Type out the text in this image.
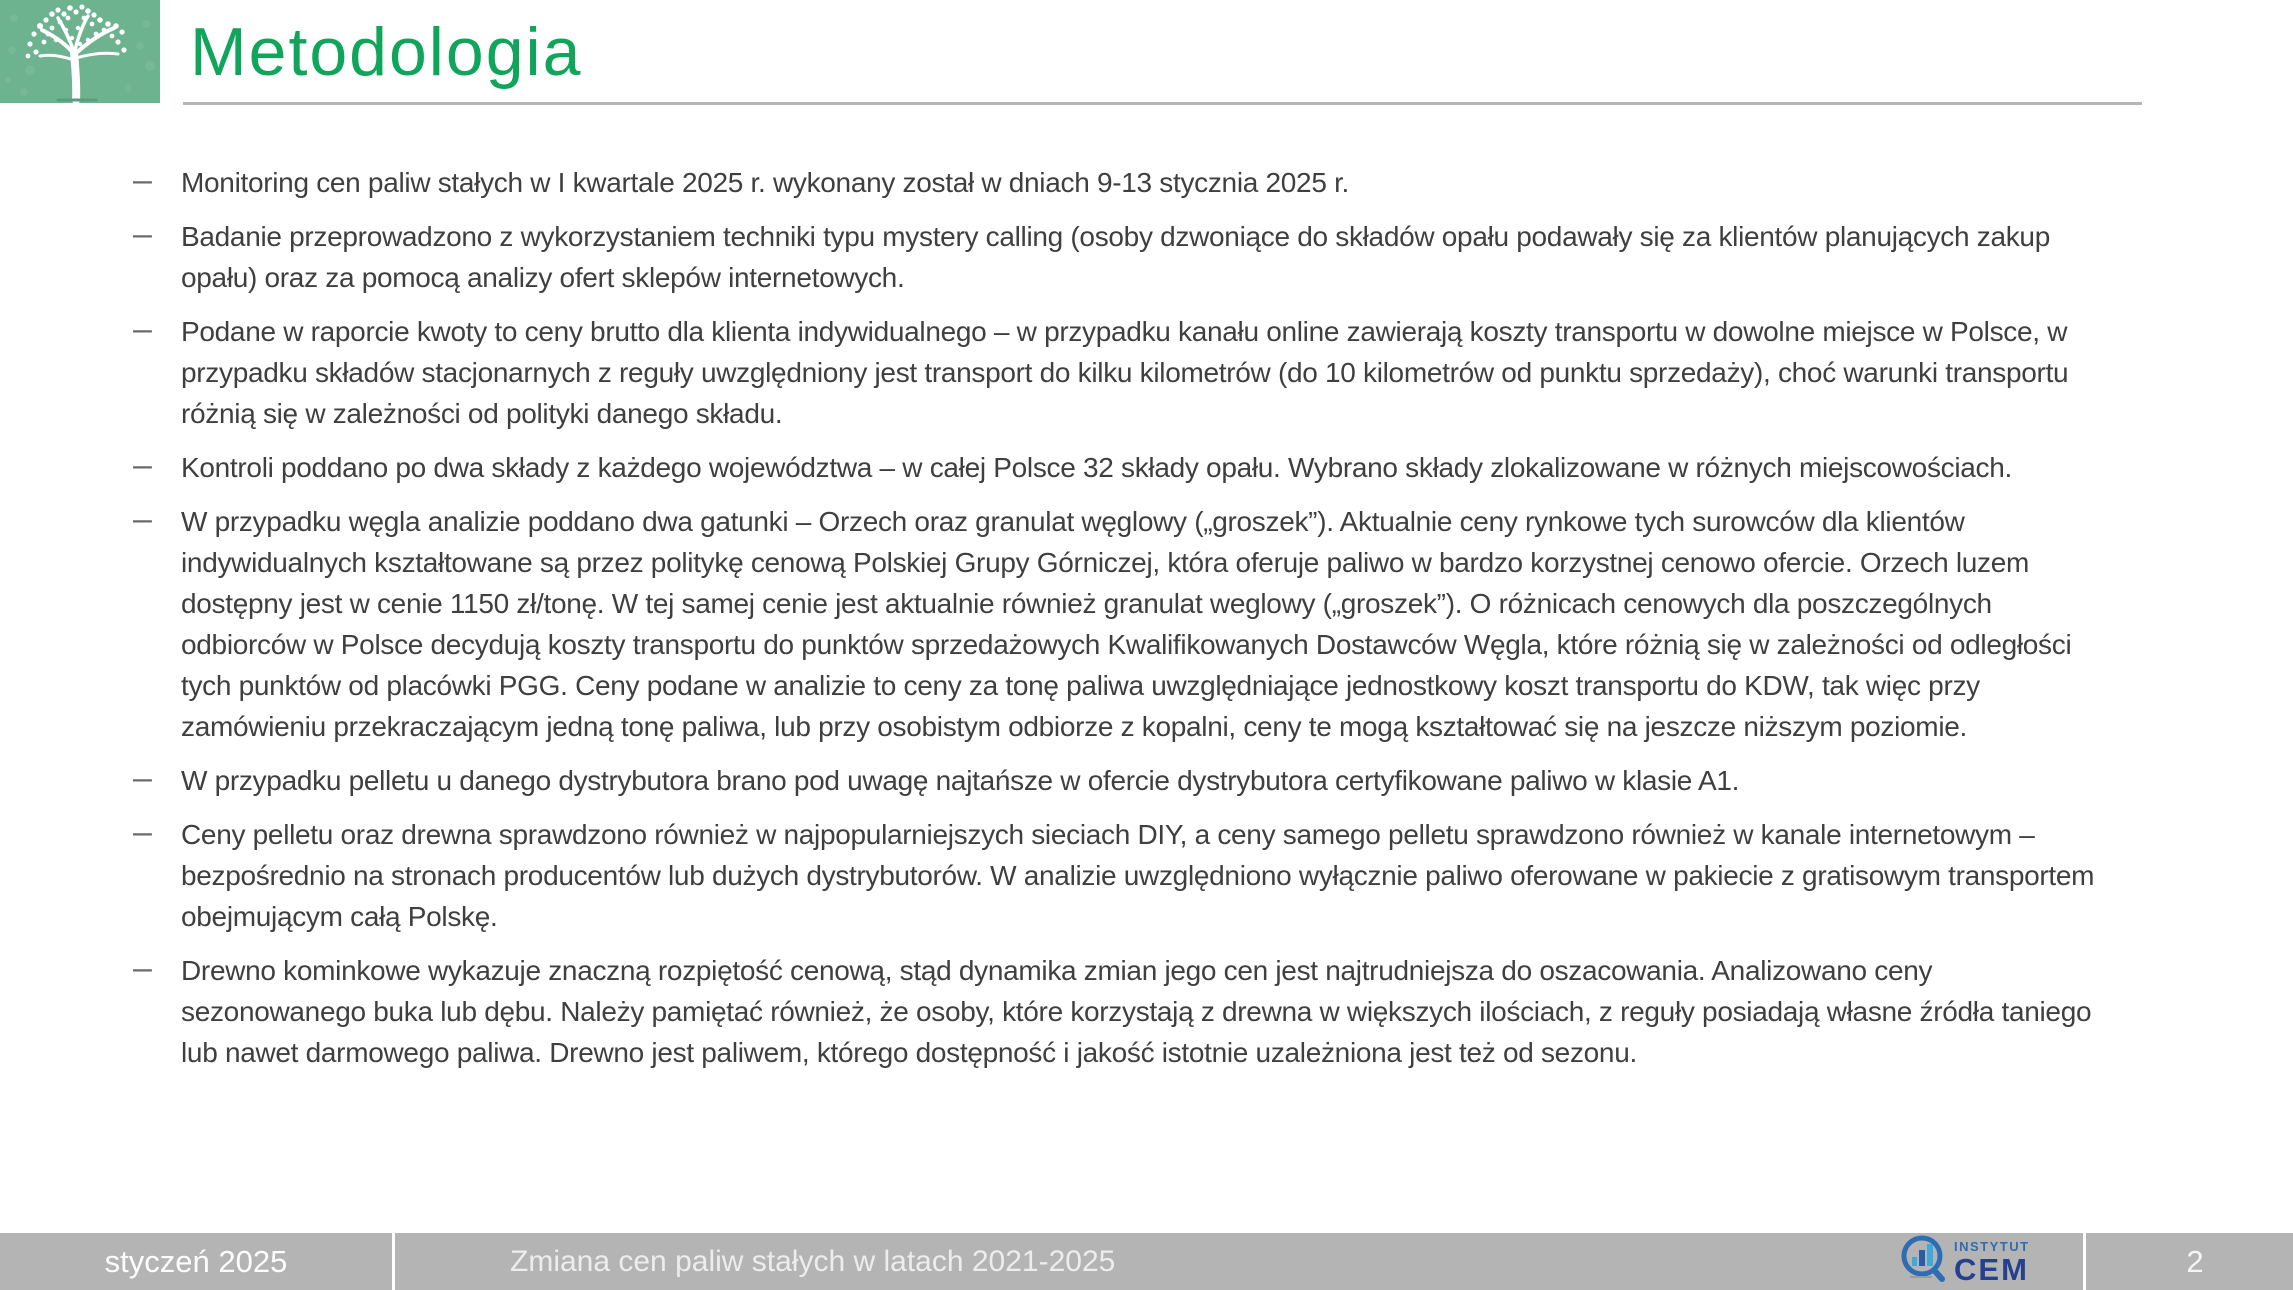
Metodologia
– Monitoring cen paliw stałych w I kwartale 2025 r. wykonany został w dniach 9-13 stycznia 2025 r.
– Badanie przeprowadzono z wykorzystaniem techniki typu mystery calling (osoby dzwoniące do składów opału podawały się za klientów planujących zakup opału) oraz za pomocą analizy ofert sklepów internetowych.
– Podane w raporcie kwoty to ceny brutto dla klienta indywidualnego – w przypadku kanału online zawierają koszty transportu w dowolne miejsce w Polsce, w przypadku składów stacjonarnych z reguły uwzględniony jest transport do kilku kilometrów (do 10 kilometrów od punktu sprzedaży), choć warunki transportu różnią się w zależności od polityki danego składu.
– Kontroli poddano po dwa składy z każdego województwa – w całej Polsce 32 składy opału. Wybrano składy zlokalizowane w różnych miejscowościach.
– W przypadku węgla analizie poddano dwa gatunki – Orzech oraz granulat węglowy („groszek”). Aktualnie ceny rynkowe tych surowców dla klientów indywidualnych kształtowane są przez politykę cenową Polskiej Grupy Górniczej, która oferuje paliwo w bardzo korzystnej cenowo ofercie. Orzech luzem dostępny jest w cenie 1150 zł/tonę. W tej samej cenie jest aktualnie również granulat weglowy („groszek”). O różnicach cenowych dla poszczególnych odbiorców w Polsce decydują koszty transportu do punktów sprzedażowych Kwalifikowanych Dostawców Węgla, które różnią się w zależności od odległości tych punktów od placówki PGG. Ceny podane w analizie to ceny za tonę paliwa uwzględniające jednostkowy koszt transportu do KDW, tak więc przy zamówieniu przekraczającym jedną tonę paliwa, lub przy osobistym odbiorze z kopalni, ceny te mogą kształtować się na jeszcze niższym poziomie.
– W przypadku pelletu u danego dystrybutora brano pod uwagę najtańsze w ofercie dystrybutora certyfikowane paliwo w klasie A1.
– Ceny pelletu oraz drewna sprawdzono również w najpopularniejszych sieciach DIY, a ceny samego pelletu sprawdzono również w kanale internetowym – bezpośrednio na stronach producentów lub dużych dystrybutorów. W analizie uwzględniono wyłącznie paliwo oferowane w pakiecie z gratisowym transportem obejmującym całą Polskę.
– Drewno kominkowe wykazuje znaczną rozpiętość cenową, stąd dynamika zmian jego cen jest najtrudniejsza do oszacowania. Analizowano ceny sezonowanego buka lub dębu. Należy pamiętać również, że osoby, które korzystają z drewna w większych ilościach, z reguły posiadają własne źródła taniego lub nawet darmowego paliwa. Drewno jest paliwem, którego dostępność i jakość istotnie uzależniona jest też od sezonu.
styczeń 2025	Zmiana cen paliw stałych w latach 2021-2025	INSTYTUT
CEM	2
